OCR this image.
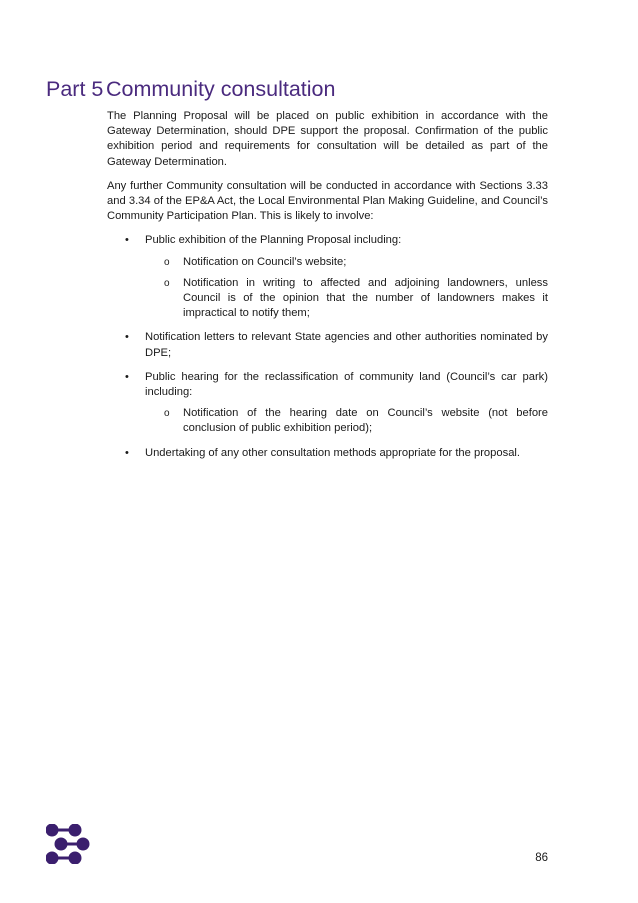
Part 5 Community consultation

The Planning Proposal will be placed on public exhibition in accordance with the Gateway Determination, should DPE support the proposal. Confirmation of the public exhibition period and requirements for consultation will be detailed as part of the Gateway Determination.

Any further Community consultation will be conducted in accordance with Sections 3.33 and 3.34 of the EP&A Act, the Local Environmental Plan Making Guideline, and Council’s Community Participation Plan. This is likely to involve:

• Public exhibition of the Planning Proposal including:
o Notification on Council’s website;
o Notification in writing to affected and adjoining landowners, unless Council is of the opinion that the number of landowners makes it impractical to notify them;
• Notification letters to relevant State agencies and other authorities nominated by DPE;
• Public hearing for the reclassification of community land (Council’s car park) including:
o Notification of the hearing date on Council’s website (not before conclusion of public exhibition period);
• Undertaking of any other consultation methods appropriate for the proposal.
86
